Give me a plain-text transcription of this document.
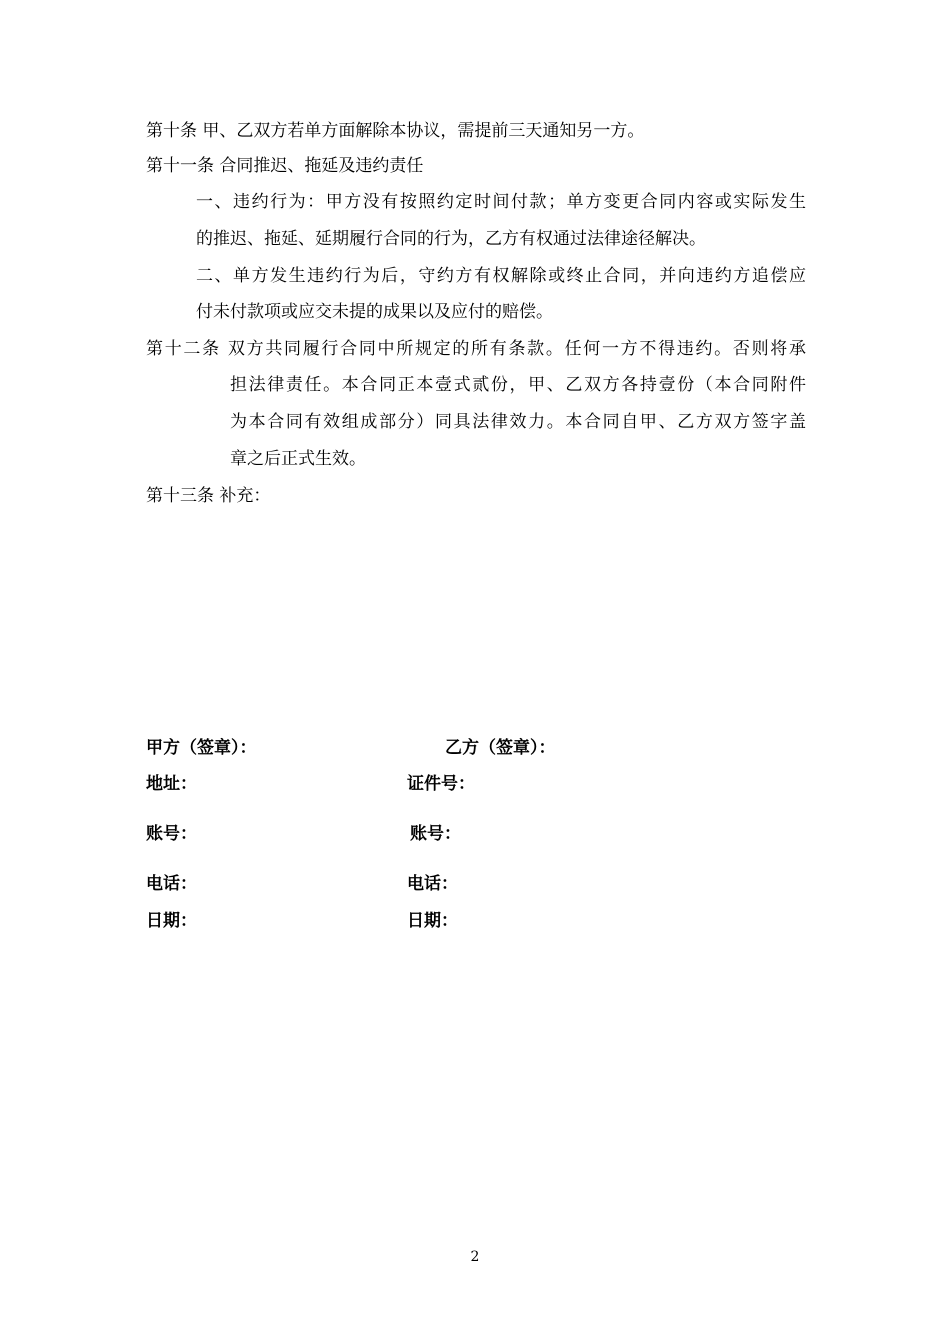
第十条 甲、乙双方若单方面解除本协议，需提前三天通知另一方。
第十一条 合同推迟、拖延及违约责任
一、违约行为：甲方没有按照约定时间付款；单方变更合同内容或实际发生
的推迟、拖延、延期履行合同的行为，乙方有权通过法律途径解决。
二、单方发生违约行为后，守约方有权解除或终止合同，并向违约方追偿应
付未付款项或应交未提的成果以及应付的赔偿。
第十二条 双方共同履行合同中所规定的所有条款。任何一方不得违约。否则将承
担法律责任。本合同正本壹式贰份，甲、乙双方各持壹份（本合同附件
为本合同有效组成部分）同具法律效力。本合同自甲、乙方双方签字盖
章之后正式生效。
第十三条 补充：
甲方（签章）：
地址：
账号：
电话：
日期：
乙方（签章）：
证件号：
账号：
电话：
日期：
2
